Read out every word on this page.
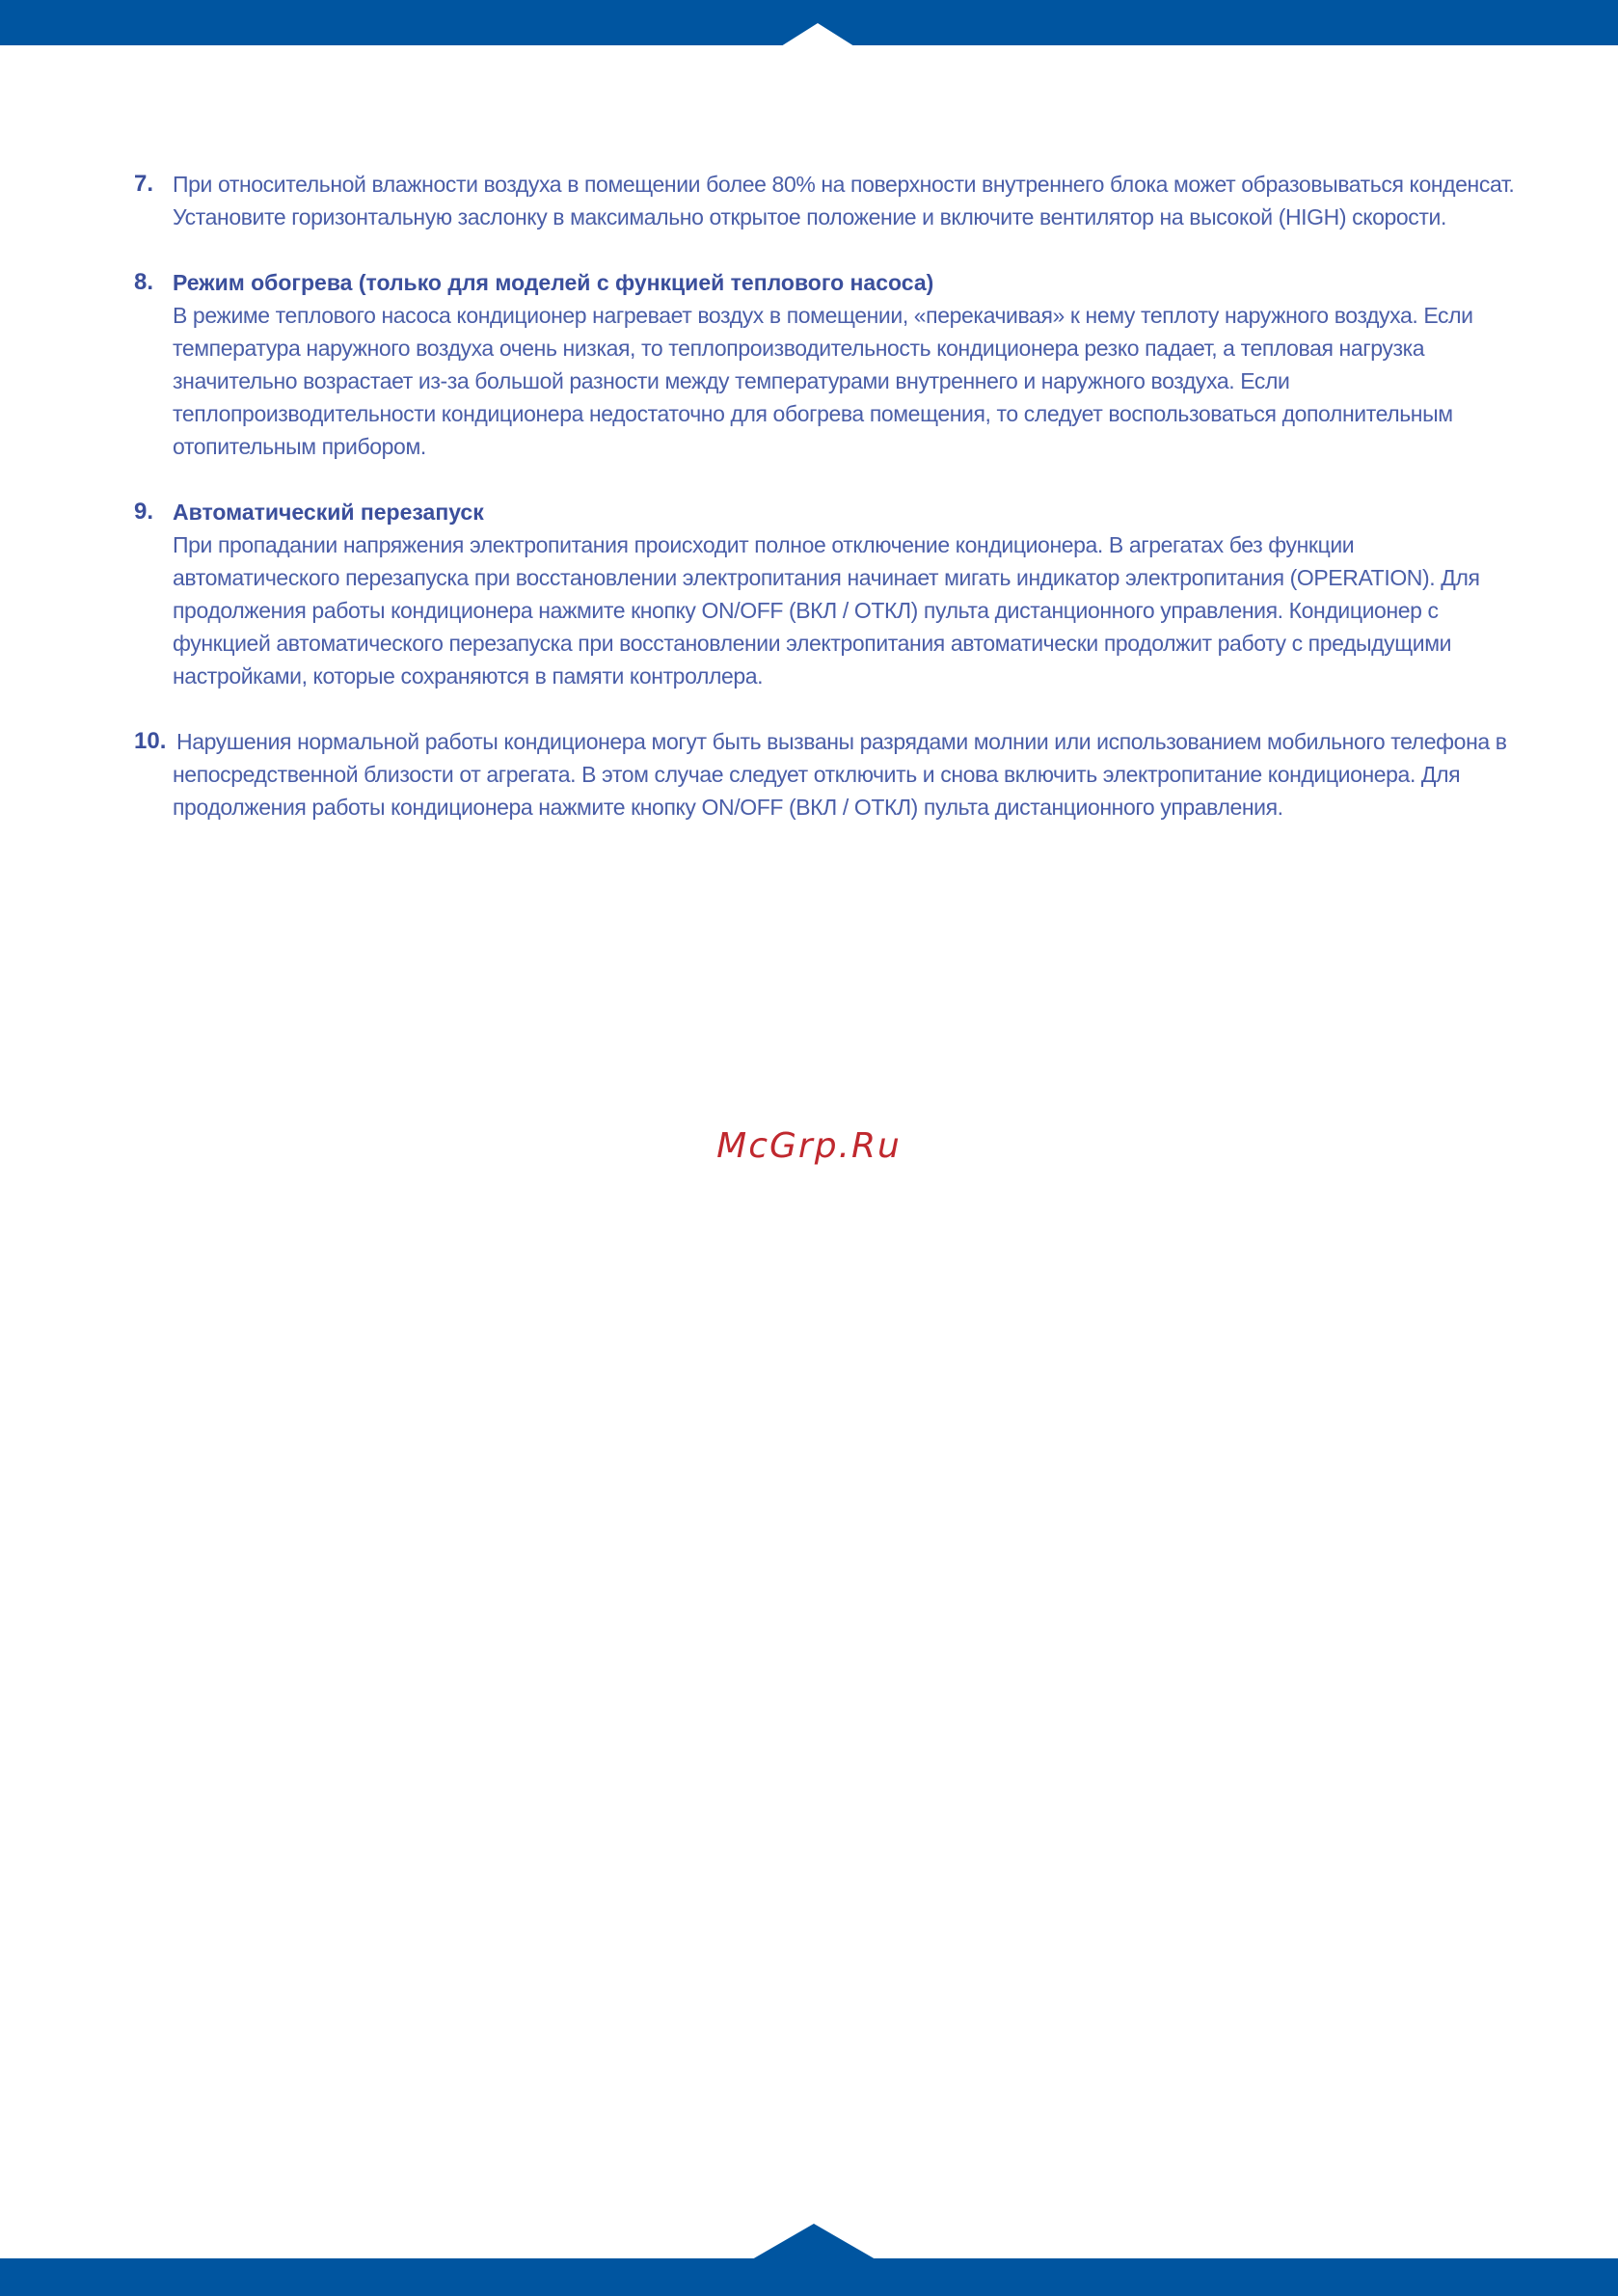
7. При относительной влажности воздуха в помещении более 80% на поверхности внутреннего блока может образовываться конденсат. Установите горизонтальную заслонку в максимально открытое положение и включите вентилятор на высокой (HIGH) скорости.
8. Режим обогрева (только для моделей с функцией теплового насоса)
В режиме теплового насоса кондиционер нагревает воздух в помещении, «перекачивая» к нему теплоту наружного воздуха. Если температура наружного воздуха очень низкая, то теплопроизводительность кондиционера резко падает, а тепловая нагрузка значительно возрастает из-за большой разности между температурами внутреннего и наружного воздуха. Если теплопроизводительности кондиционера недостаточно для обогрева помещения, то следует воспользоваться дополнительным отопительным прибором.
9. Автоматический перезапуск
При пропадании напряжения электропитания происходит полное отключение кондиционера. В агрегатах без функции автоматического перезапуска при восстановлении электропитания начинает мигать индикатор электропитания (OPERATION). Для продолжения работы кондиционера нажмите кнопку ON/OFF (ВКЛ / ОТКЛ) пульта дистанционного управления. Кондиционер с функцией автоматического перезапуска при восстановлении электропитания автоматически продолжит работу с предыдущими настройками, которые сохраняются в памяти контроллера.
10. Нарушения нормальной работы кондиционера могут быть вызваны разрядами молнии или использованием мобильного телефона в непосредственной близости от агрегата. В этом случае следует отключить и снова включить электропитание кондиционера. Для продолжения работы кондиционера нажмите кнопку ON/OFF (ВКЛ / ОТКЛ) пульта дистанционного управления.
McGrp.Ru
